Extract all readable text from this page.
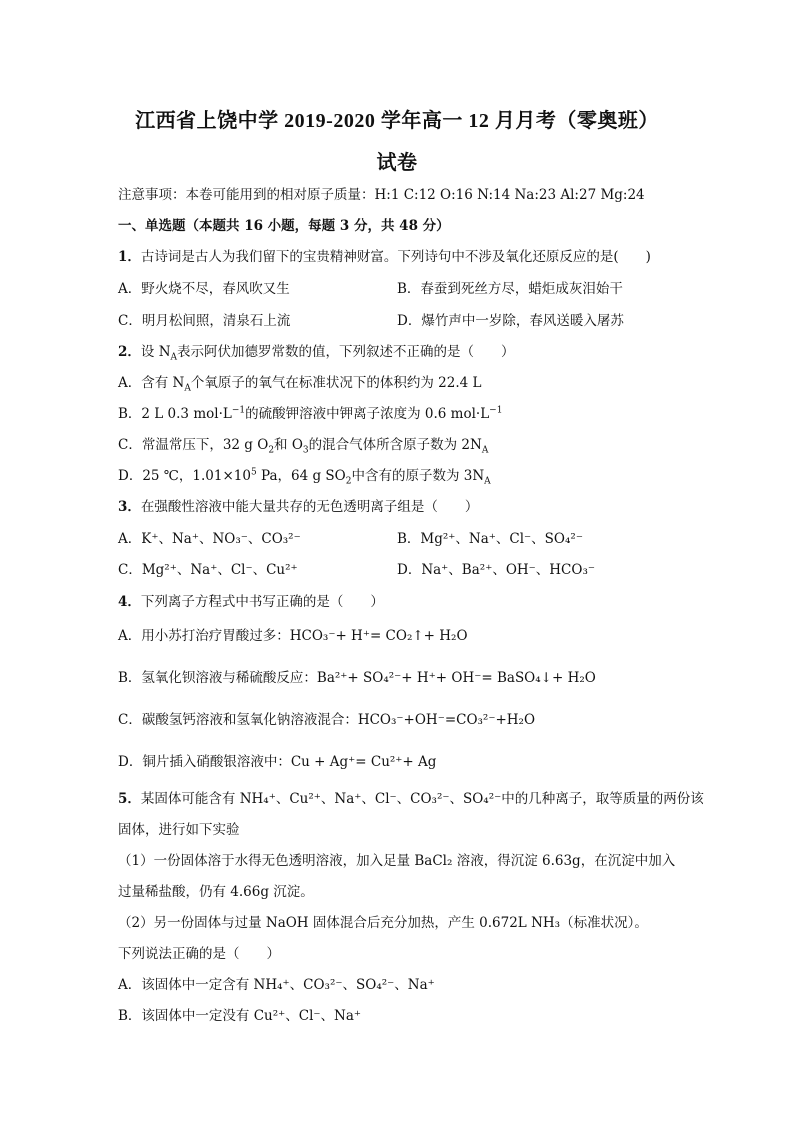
江西省上饶中学 2019-2020 学年高一 12 月月考（零奥班）
试卷
注意事项：本卷可能用到的相对原子质量：H:1 C:12 O:16 N:14 Na:23 Al:27 Mg:24
一、单选题（本题共 16 小题，每题 3 分，共 48 分）
1．古诗词是古人为我们留下的宝贵精神财富。下列诗句中不涉及氧化还原反应的是(　　)
A．野火烧不尽，春风吹又生	B．春蚕到死丝方尽，蜡炬成灰泪始干
C．明月松间照，清泉石上流	D．爆竹声中一岁除，春风送暖入屠苏
2．设 $N_A$表示阿伏加德罗常数的值，下列叙述不正确的是（　　）
A．含有 $N_A$个氧原子的氧气在标准状况下的体积约为 22.4 L
B．2 L 0.3 $mol\cdot L^{-1}$的硫酸钾溶液中钾离子浓度为 0.6 $mol\cdot L^{-1}$
C．常温常压下，32 g $O_2$和 $O_3$的混合气体所含原子数为 $2N_A$
D．25 ℃，$1.01\times 10^5$ Pa，64 g $SO_2$中含有的原子数为 $3N_A$
3．在强酸性溶液中能大量共存的无色透明离子组是（　　）
A．K⁺、Na⁺、NO₃⁻、CO₃²⁻	B．Mg²⁺、Na⁺、Cl⁻、SO₄²⁻
C．Mg²⁺、Na⁺、Cl⁻、Cu²⁺	D．Na⁺、Ba²⁺、OH⁻、HCO₃⁻
4．下列离子方程式中书写正确的是（　　）
A．用小苏打治疗胃酸过多：HCO₃⁻+ H⁺= CO₂↑+ H₂O
B．氢氧化钡溶液与稀硫酸反应：Ba²⁺+ SO₄²⁻+ H⁺+ OH⁻= BaSO₄↓+ H₂O
C．碳酸氢钙溶液和氢氧化钠溶液混合：HCO₃⁻+OH⁻=CO₃²⁻+H₂O
D．铜片插入硝酸银溶液中：Cu + Ag⁺= Cu²⁺+ Ag
5．某固体可能含有 NH₄⁺、Cu²⁺、Na⁺、Cl⁻、CO₃²⁻、SO₄²⁻中的几种离子，取等质量的两份该
固体，进行如下实验
（1）一份固体溶于水得无色透明溶液，加入足量 BaCl₂ 溶液，得沉淀 6.63g，在沉淀中加入
过量稀盐酸，仍有 4.66g 沉淀。
（2）另一份固体与过量 NaOH 固体混合后充分加热，产生 0.672L NH₃（标准状况）。
下列说法正确的是（　　）
A．该固体中一定含有 NH₄⁺、CO₃²⁻、SO₄²⁻、Na⁺
B．该固体中一定没有 Cu²⁺、Cl⁻、Na⁺
